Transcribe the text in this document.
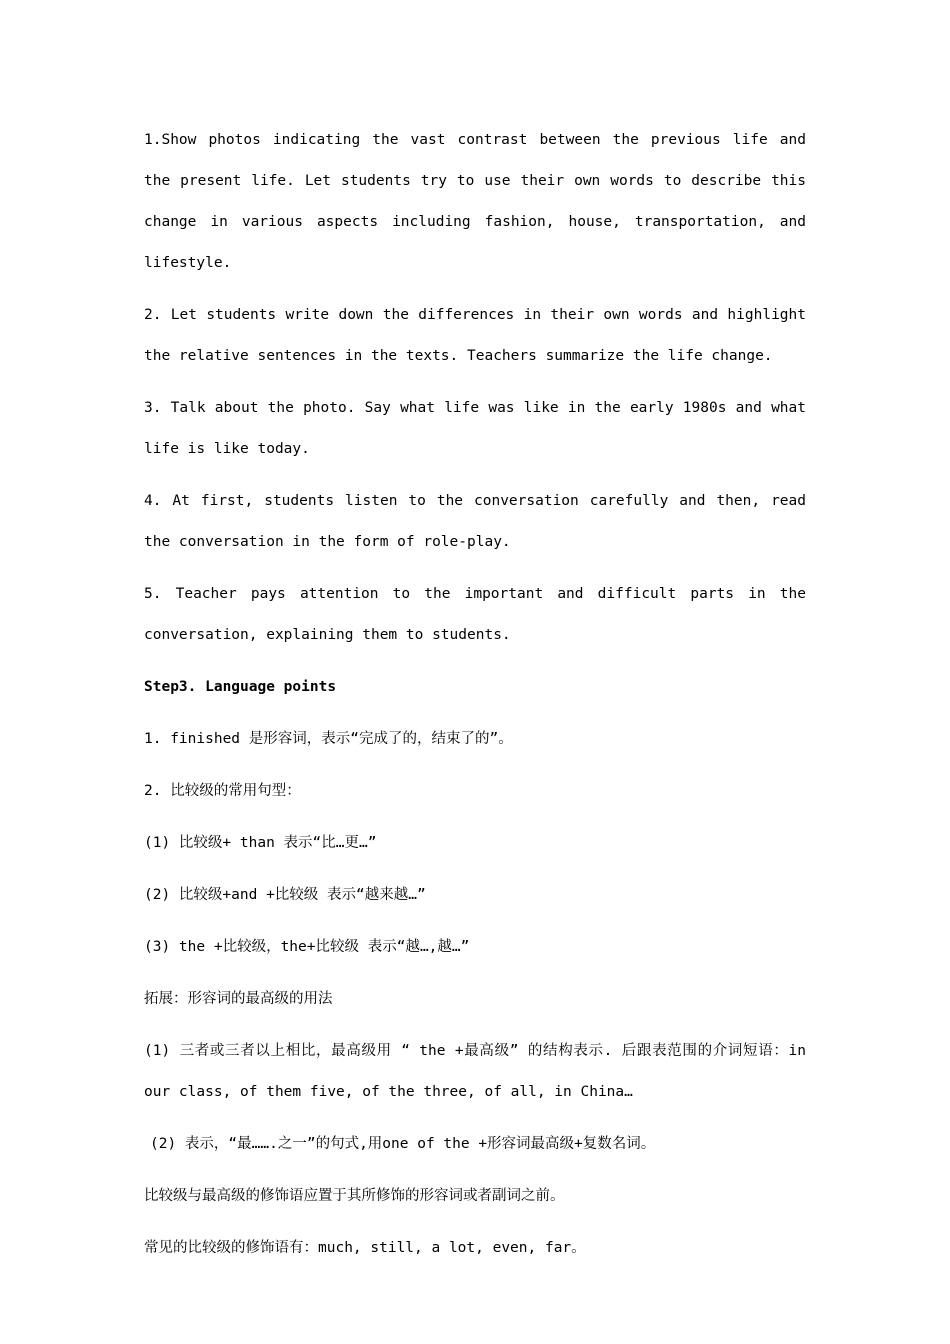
1.Show photos indicating the vast contrast between the previous life and the present life. Let students try to use their own words to describe this change in various aspects including fashion, house, transportation, and lifestyle.

2. Let students write down the differences in their own words and highlight the relative sentences in the texts. Teachers summarize the life change.

3. Talk about the photo. Say what life was like in the early 1980s and what life is like today.

4. At first, students listen to the conversation carefully and then, read the conversation in the form of role-play.

5. Teacher pays attention to the important and difficult parts in the conversation, explaining them to students.

Step3. Language points

1. finished 是形容词，表示“完成了的，结束了的”。

2. 比较级的常用句型：

(1) 比较级+ than 表示“比…更…”

(2) 比较级+and +比较级 表示“越来越…”

(3) the +比较级，the+比较级 表示“越…,越…”

拓展：形容词的最高级的用法

(1) 三者或三者以上相比，最高级用 “ the +最高级” 的结构表示. 后跟表范围的介词短语：in our class, of them five, of the three, of all, in China…

(2) 表示，“最…….之一”的句式,用one of the +形容词最高级+复数名词。

比较级与最高级的修饰语应置于其所修饰的形容词或者副词之前。

常见的比较级的修饰语有：much, still, a lot, even, far。
